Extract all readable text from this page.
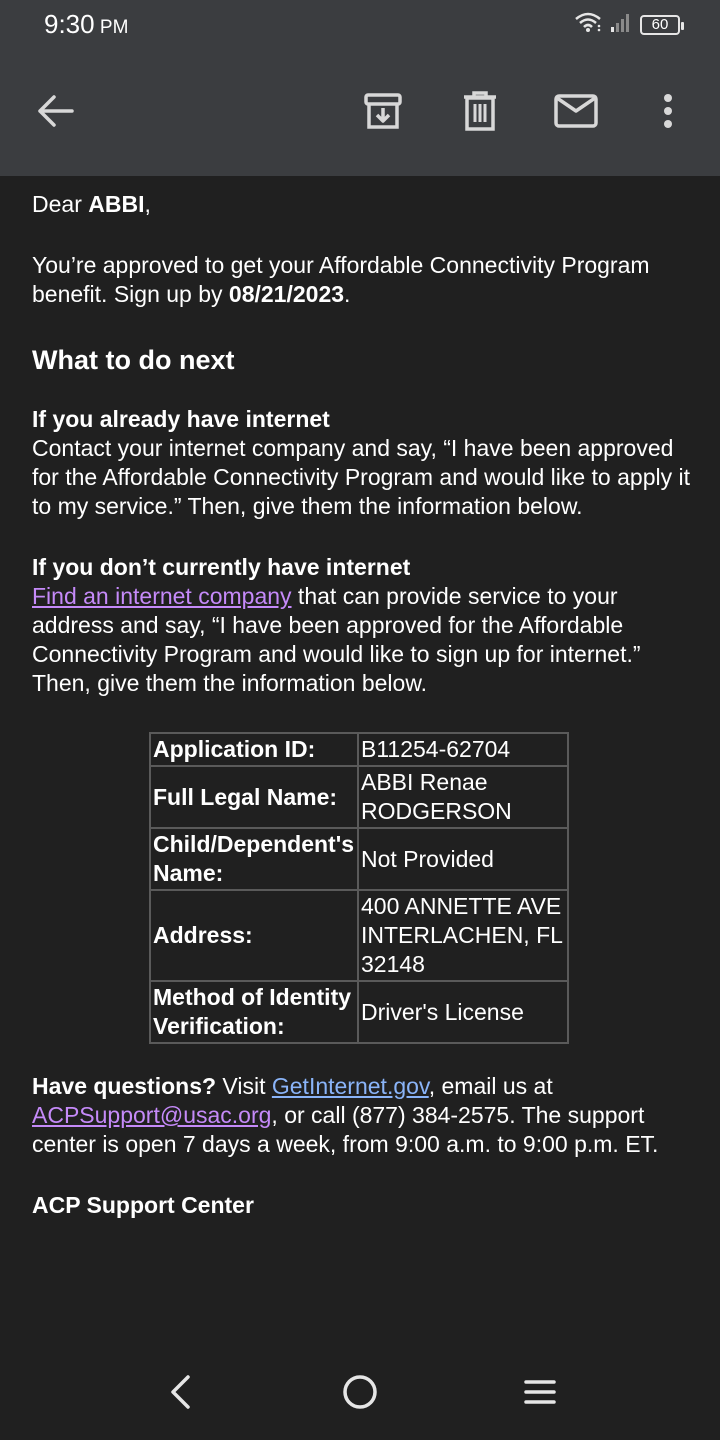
9:30 PM	60

Dear ABBI,

You’re approved to get your Affordable Connectivity Program benefit. Sign up by 08/21/2023.

What to do next

If you already have internet

Contact your internet company and say, “I have been approved for the Affordable Connectivity Program and would like to apply it to my service.” Then, give them the information below.

If you don’t currently have internet

Find an internet company that can provide service to your address and say, “I have been approved for the Affordable Connectivity Program and would like to sign up for internet.” Then, give them the information below.

Application ID:	B11254-62704
Full Legal Name:	ABBI Renae RODGERSON
Child/Dependent's Name:	Not Provided
Address:	400 ANNETTE AVE INTERLACHEN, FL 32148
Method of Identity Verification:	Driver's License

Have questions? Visit GetInternet.gov, email us at ACPSupport@usac.org, or call (877) 384-2575. The support center is open 7 days a week, from 9:00 a.m. to 9:00 p.m. ET.

ACP Support Center
